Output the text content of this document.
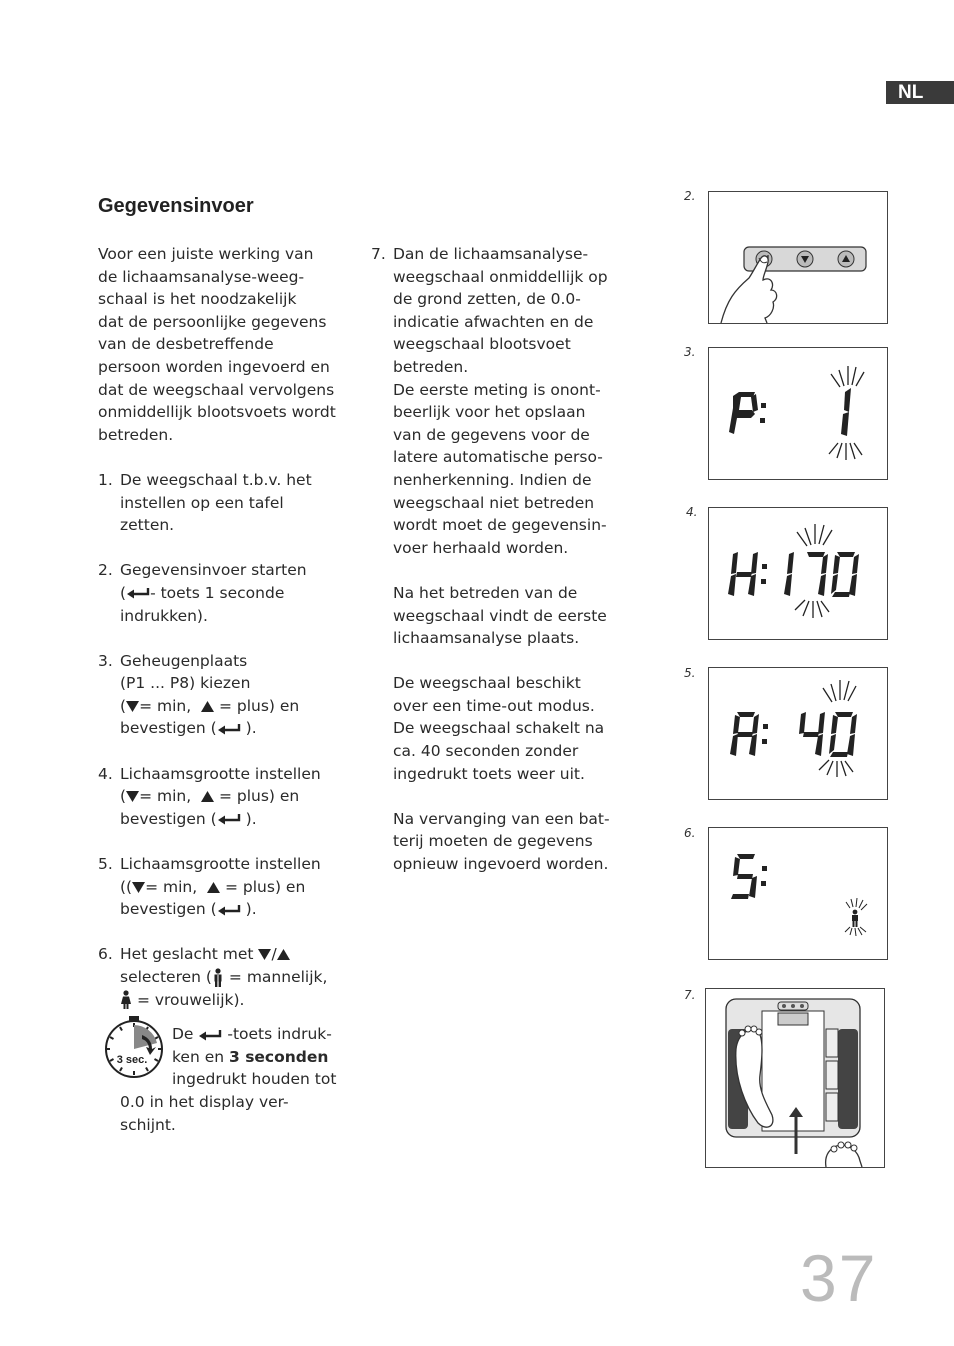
NL
Gegevensinvoer

Voor een juiste werking van
de lichaamsanalyse-weeg-
schaal is het noodzakelijk
dat de persoonlijke gegevens
van de desbetreffende
persoon worden ingevoerd en
dat de weegschaal vervolgens
onmiddellijk blootsvoets wordt
betreden.

1. De weegschaal t.b.v. het
instellen op een tafel
zetten.
2. Gegevensinvoer starten
( - toets 1 seconde
indrukken).
3. Geheugenplaats
(P1 ... P8) kiezen
( = min, = plus) en
bevestigen ( ).
4. Lichaamsgrootte instellen
( = min, = plus) en
bevestigen ( ).
5. Lichaamsgrootte instellen
(( = min, = plus) en
bevestigen ( ).
6. Het geslacht met /
selecteren ( = mannelijk,
= vrouwelijk).
3 sec.
De -toets indruk-
ken en 3 seconden
ingedrukt houden tot
0.0 in het display ver-
schijnt.
7. Dan de lichaamsanalyse-
weegschaal onmiddellijk op
de grond zetten, de 0.0-
indicatie afwachten en de
weegschaal blootsvoet
betreden.
De eerste meting is onont-
beerlijk voor het opslaan
van de gegevens voor de
latere automatische perso-
nenherkenning. Indien de
weegschaal niet betreden
wordt moet de gegevensin-
voer herhaald worden.
Na het betreden van de
weegschaal vindt de eerste
lichaamsanalyse plaats.
De weegschaal beschikt
over een time-out modus.
De weegschaal schakelt na
ca. 40 seconden zonder
ingedrukt toets weer uit.
Na vervanging van een bat-
terij moeten de gegevens
opnieuw ingevoerd worden.
2.
3.
4.
5.
6.
7.
37
